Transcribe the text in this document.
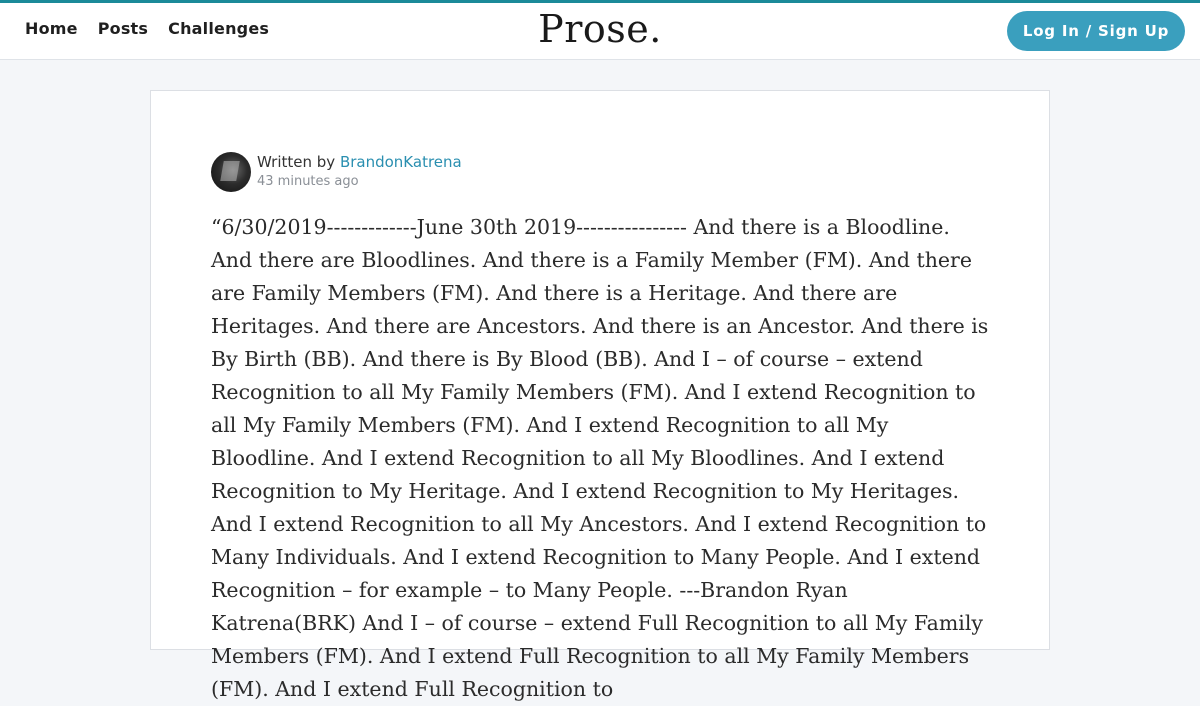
Home Posts Challenges	Prose.	Log In / Sign Up
Written by BrandonKatrena
43 minutes ago
“6/30/2019-------------June 30th 2019---------------- And there is a Bloodline. And there are Bloodlines. And there is a Family Member (FM). And there are Family Members (FM). And there is a Heritage. And there are Heritages. And there are Ancestors. And there is an Ancestor. And there is By Birth (BB). And there is By Blood (BB). And I – of course – extend Recognition to all My Family Members (FM). And I extend Recognition to all My Family Members (FM). And I extend Recognition to all My Bloodline. And I extend Recognition to all My Bloodlines. And I extend Recognition to My Heritage. And I extend Recognition to My Heritages. And I extend Recognition to all My Ancestors. And I extend Recognition to Many Individuals. And I extend Recognition to Many People. And I extend Recognition – for example – to Many People. ---Brandon Ryan Katrena(BRK) And I – of course – extend Full Recognition to all My Family Members (FM). And I extend Full Recognition to all My Family Members (FM). And I extend Full Recognition to
